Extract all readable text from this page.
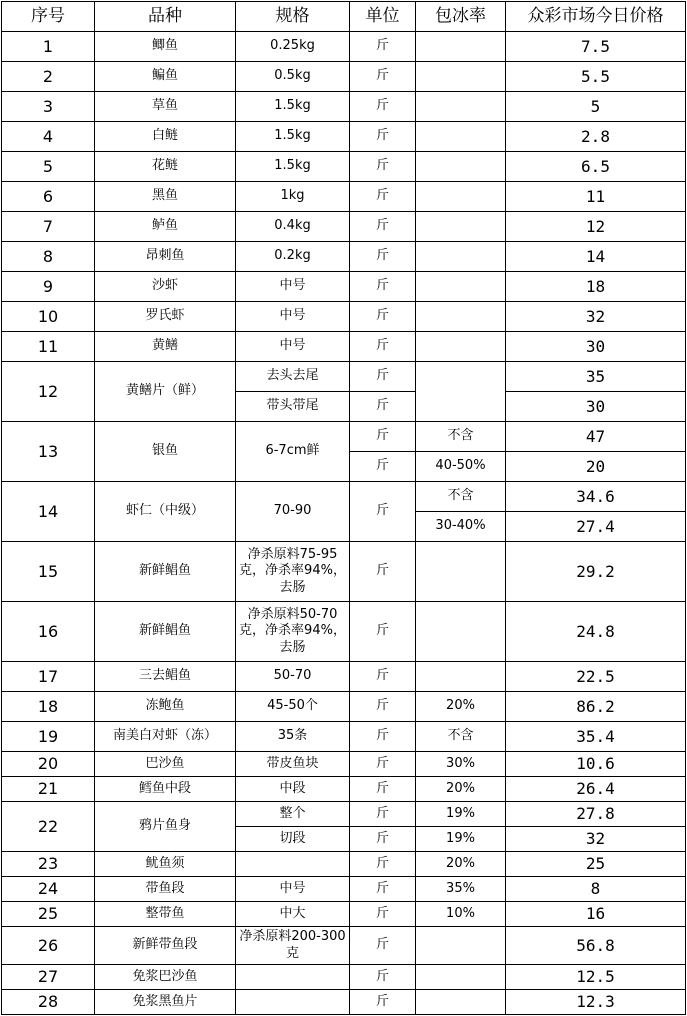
序号	品种	规格	单位	包冰率	众彩市场今日价格
1	鲫鱼	0.25kg	斤		7.5
2	鳊鱼	0.5kg	斤		5.5
3	草鱼	1.5kg	斤		5
4	白鲢	1.5kg	斤		2.8
5	花鲢	1.5kg	斤		6.5
6	黑鱼	1kg	斤		11
7	鲈鱼	0.4kg	斤		12
8	昂刺鱼	0.2kg	斤		14
9	沙虾	中号	斤		18
10	罗氏虾	中号	斤		32
11	黄鳝	中号	斤		30
12	黄鳝片（鲜）	去头去尾	斤		35
		带头带尾	斤		30
13	银鱼	6-7cm鲜	斤	不含	47
			斤	40-50%	20
14	虾仁（中级）	70-90	斤	不含	34.6
				30-40%	27.4
15	新鲜鲳鱼	净杀原料75-95克，净杀率94%，去肠	斤		29.2
16	新鲜鲳鱼	净杀原料50-70克，净杀率94%，去肠	斤		24.8
17	三去鲳鱼	50-70	斤		22.5
18	冻鲍鱼	45-50个	斤	20%	86.2
19	南美白对虾（冻）	35条	斤	不含	35.4
20	巴沙鱼	带皮鱼块	斤	30%	10.6
21	鳕鱼中段	中段	斤	20%	26.4
22	鸦片鱼身	整个	斤	19%	27.8
		切段	斤	19%	32
23	鱿鱼须		斤	20%	25
24	带鱼段	中号	斤	35%	8
25	整带鱼	中大	斤	10%	16
26	新鲜带鱼段	净杀原料200-300克	斤		56.8
27	免浆巴沙鱼		斤		12.5
28	免浆黑鱼片		斤		12.3
